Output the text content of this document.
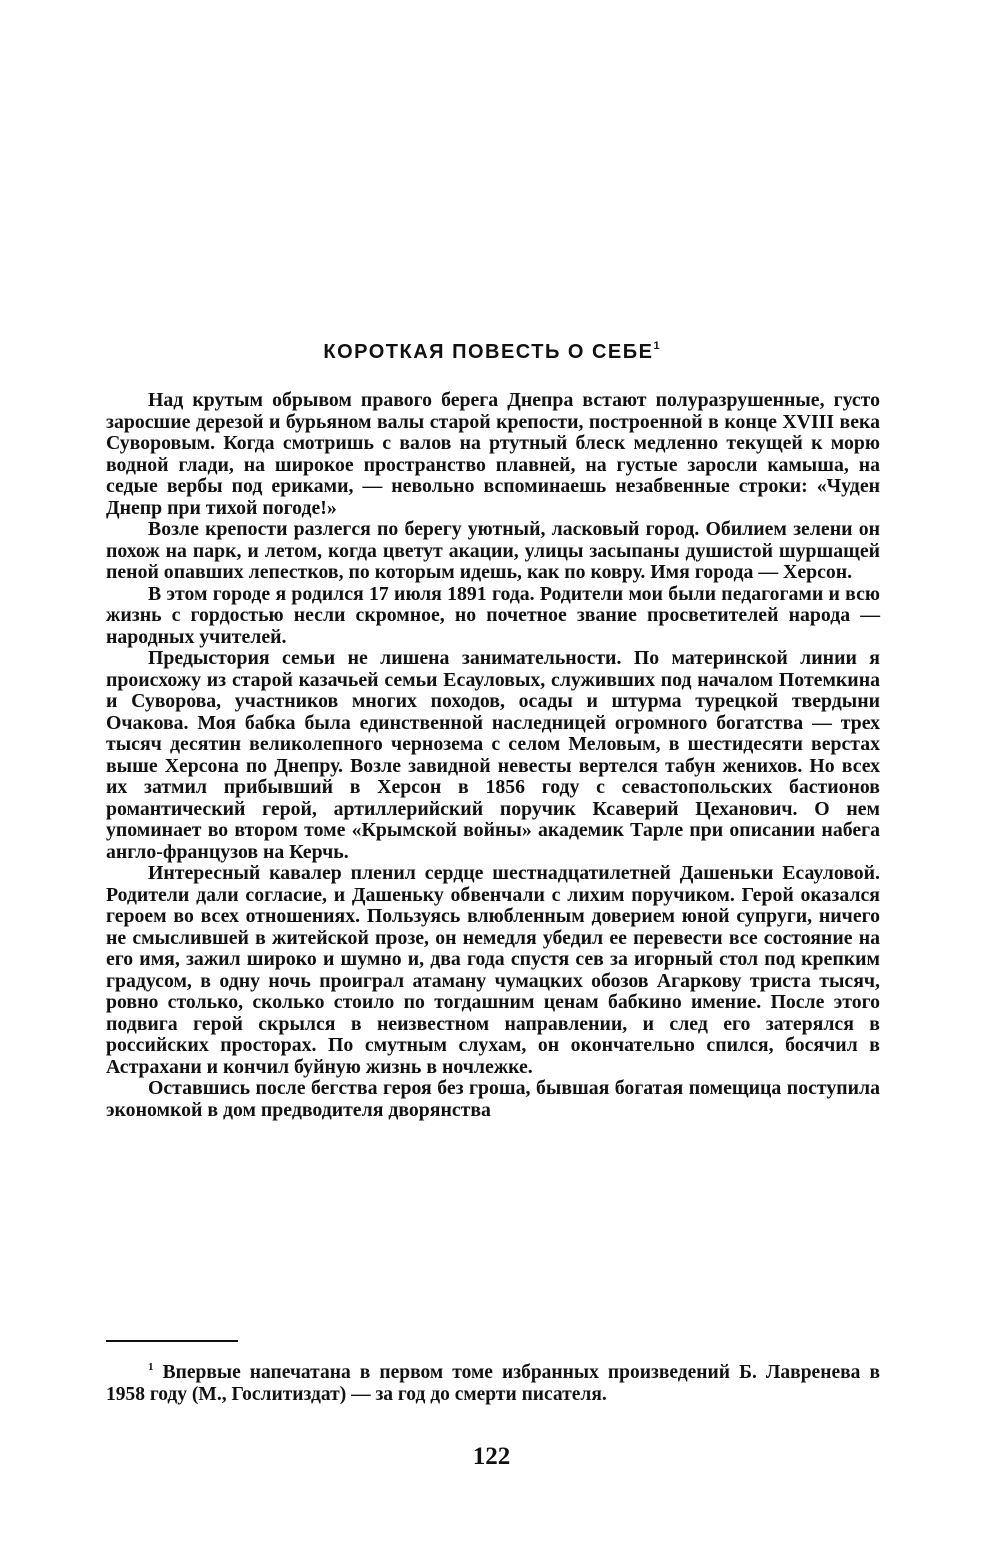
КОРОТКАЯ ПОВЕСТЬ О СЕБЕ$^1$

Над крутым обрывом правого берега Днепра встают полуразрушенные, густо заросшие дерезой и бурьяном валы старой крепости, построенной в конце XVIII века Суворовым. Когда смотришь с валов на ртутный блеск медленно текущей к морю водной глади, на широкое пространство плавней, на густые заросли камыша, на седые вербы под ериками, — невольно вспоминаешь незабвенные строки: «Чуден Днепр при тихой погоде!»

Возле крепости разлегся по берегу уютный, ласковый город. Обилием зелени он похож на парк, и летом, когда цветут акации, улицы засыпаны душистой шуршащей пеной опавших лепестков, по которым идешь, как по ковру. Имя города — Херсон.

В этом городе я родился 17 июля 1891 года. Родители мои были педагогами и всю жизнь с гордостью несли скромное, но почетное звание просветителей народа — народных учителей.

Предыстория семьи не лишена занимательности. По материнской линии я происхожу из старой казачьей семьи Есауловых, служивших под началом Потемкина и Суворова, участников многих походов, осады и штурма турецкой твердыни Очакова. Моя бабка была единственной наследницей огромного богатства — трех тысяч десятин великолепного чернозема с селом Меловым, в шестидесяти верстах выше Херсона по Днепру. Возле завидной невесты вертелся табун женихов. Но всех их затмил прибывший в Херсон в 1856 году с севастопольских бастионов романтический герой, артиллерийский поручик Ксаверий Цеханович. О нем упоминает во втором томе «Крымской войны» академик Тарле при описании набега англо-французов на Керчь.

Интересный кавалер пленил сердце шестнадцатилетней Дашеньки Есауловой. Родители дали согласие, и Дашеньку обвенчали с лихим поручиком. Герой оказался героем во всех отношениях. Пользуясь влюбленным доверием юной супруги, ничего не смыслившей в житейской прозе, он немедля убедил ее перевести все состояние на его имя, зажил широко и шумно и, два года спустя сев за игорный стол под крепким градусом, в одну ночь проиграл атаману чумацких обозов Агаркову триста тысяч, ровно столько, сколько стоило по тогдашним ценам бабкино имение. После этого подвига герой скрылся в неизвестном направлении, и след его затерялся в российских просторах. По смутным слухам, он окончательно спился, босячил в Астрахани и кончил буйную жизнь в ночлежке.

Оставшись после бегства героя без гроша, бывшая богатая помещица поступила экономкой в дом предводителя дворянства

$^1$ Впервые напечатана в первом томе избранных произведений Б. Лавренева в 1958 году (М., Гослитиздат) — за год до смерти писателя.

122
